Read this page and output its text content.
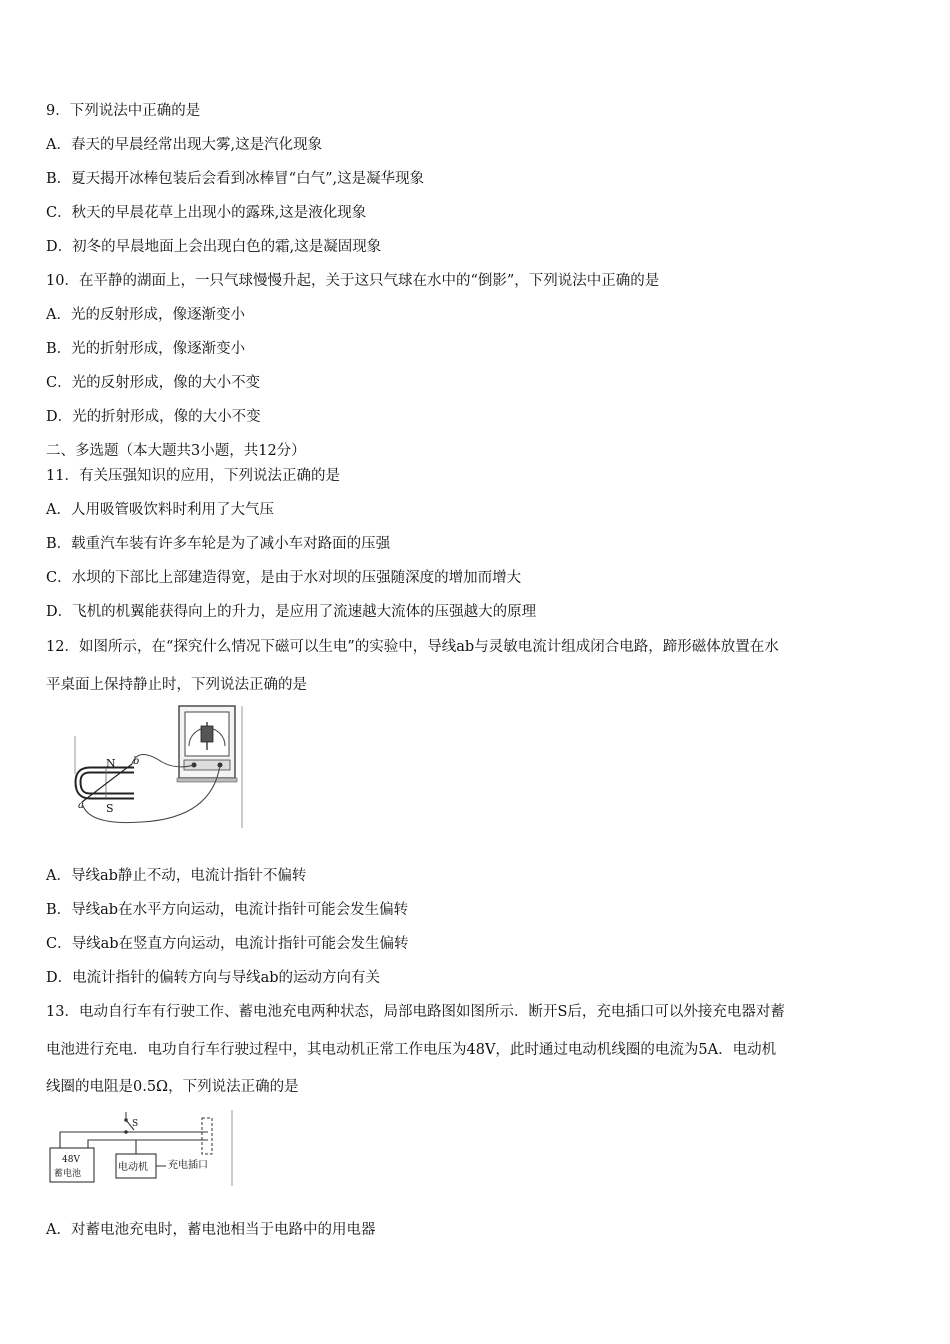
9．下列说法中正确的是
A．春天的早晨经常出现大雾,这是汽化现象
B．夏天揭开冰棒包装后会看到冰棒冒“白气”,这是凝华现象
C．秋天的早晨花草上出现小的露珠,这是液化现象
D．初冬的早晨地面上会出现白色的霜,这是凝固现象
10．在平静的湖面上，一只气球慢慢升起，关于这只气球在水中的“倒影”，下列说法中正确的是
A．光的反射形成，像逐渐变小
B．光的折射形成，像逐渐变小
C．光的反射形成，像的大小不变
D．光的折射形成，像的大小不变
二、多选题（本大题共3小题，共12分）
11．有关压强知识的应用，下列说法正确的是
A．人用吸管吸饮料时利用了大气压
B．载重汽车装有许多车轮是为了减小车对路面的压强
C．水坝的下部比上部建造得宽，是由于水对坝的压强随深度的增加而增大
D．飞机的机翼能获得向上的升力，是应用了流速越大流体的压强越大的原理
12．如图所示，在“探究什么情况下磁可以生电”的实验中，导线ab与灵敏电流计组成闭合电路，蹄形磁体放置在水
平桌面上保持静止时，下列说法正确的是
N
S
a
b
A．导线ab静止不动，电流计指针不偏转
B．导线ab在水平方向运动，电流计指针可能会发生偏转
C．导线ab在竖直方向运动，电流计指针可能会发生偏转
D．电流计指针的偏转方向与导线ab的运动方向有关
13．电动自行车有行驶工作、蓄电池充电两种状态，局部电路图如图所示．断开S后，充电插口可以外接充电器对蓄
电池进行充电．电功自行车行驶过程中，其电动机正常工作电压为48V，此时通过电动机线圈的电流为5A．电动机
线圈的电阻是0.5Ω，下列说法正确的是
S
48V
蓄电池
电动机 充电插口
A．对蓄电池充电时，蓄电池相当于电路中的用电器
